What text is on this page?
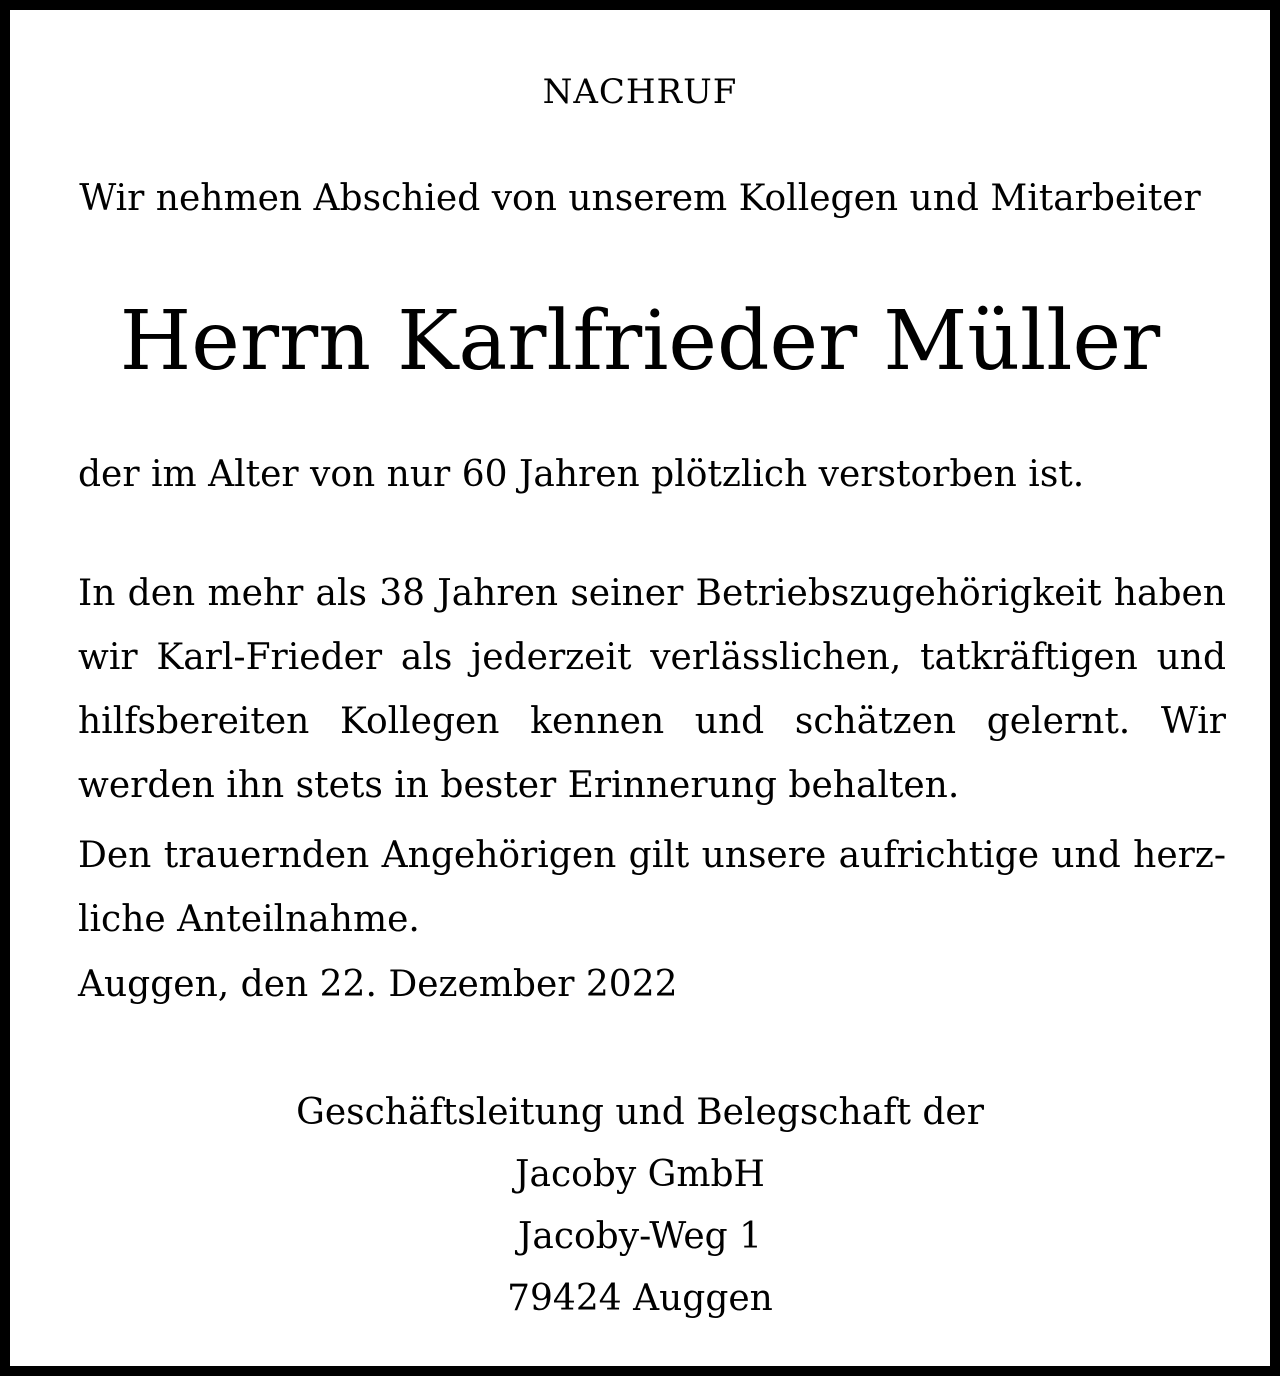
NACHRUF
Wir nehmen Abschied von unserem Kollegen und Mitarbeiter
Herrn Karlfrieder Müller
der im Alter von nur 60 Jahren plötzlich verstorben ist.
In den mehr als 38 Jahren seiner Betriebszugehörigkeit haben wir Karl-Frieder als jederzeit verlässlichen, tatkräftigen und hilfsbereiten Kollegen kennen und schätzen gelernt. Wir werden ihn stets in bester Erinnerung behalten.
Den trauernden Angehörigen gilt unsere aufrichtige und herz-liche Anteilnahme.
Auggen, den 22. Dezember 2022
Geschäftsleitung und Belegschaft der
Jacoby GmbH
Jacoby-Weg 1
79424 Auggen
